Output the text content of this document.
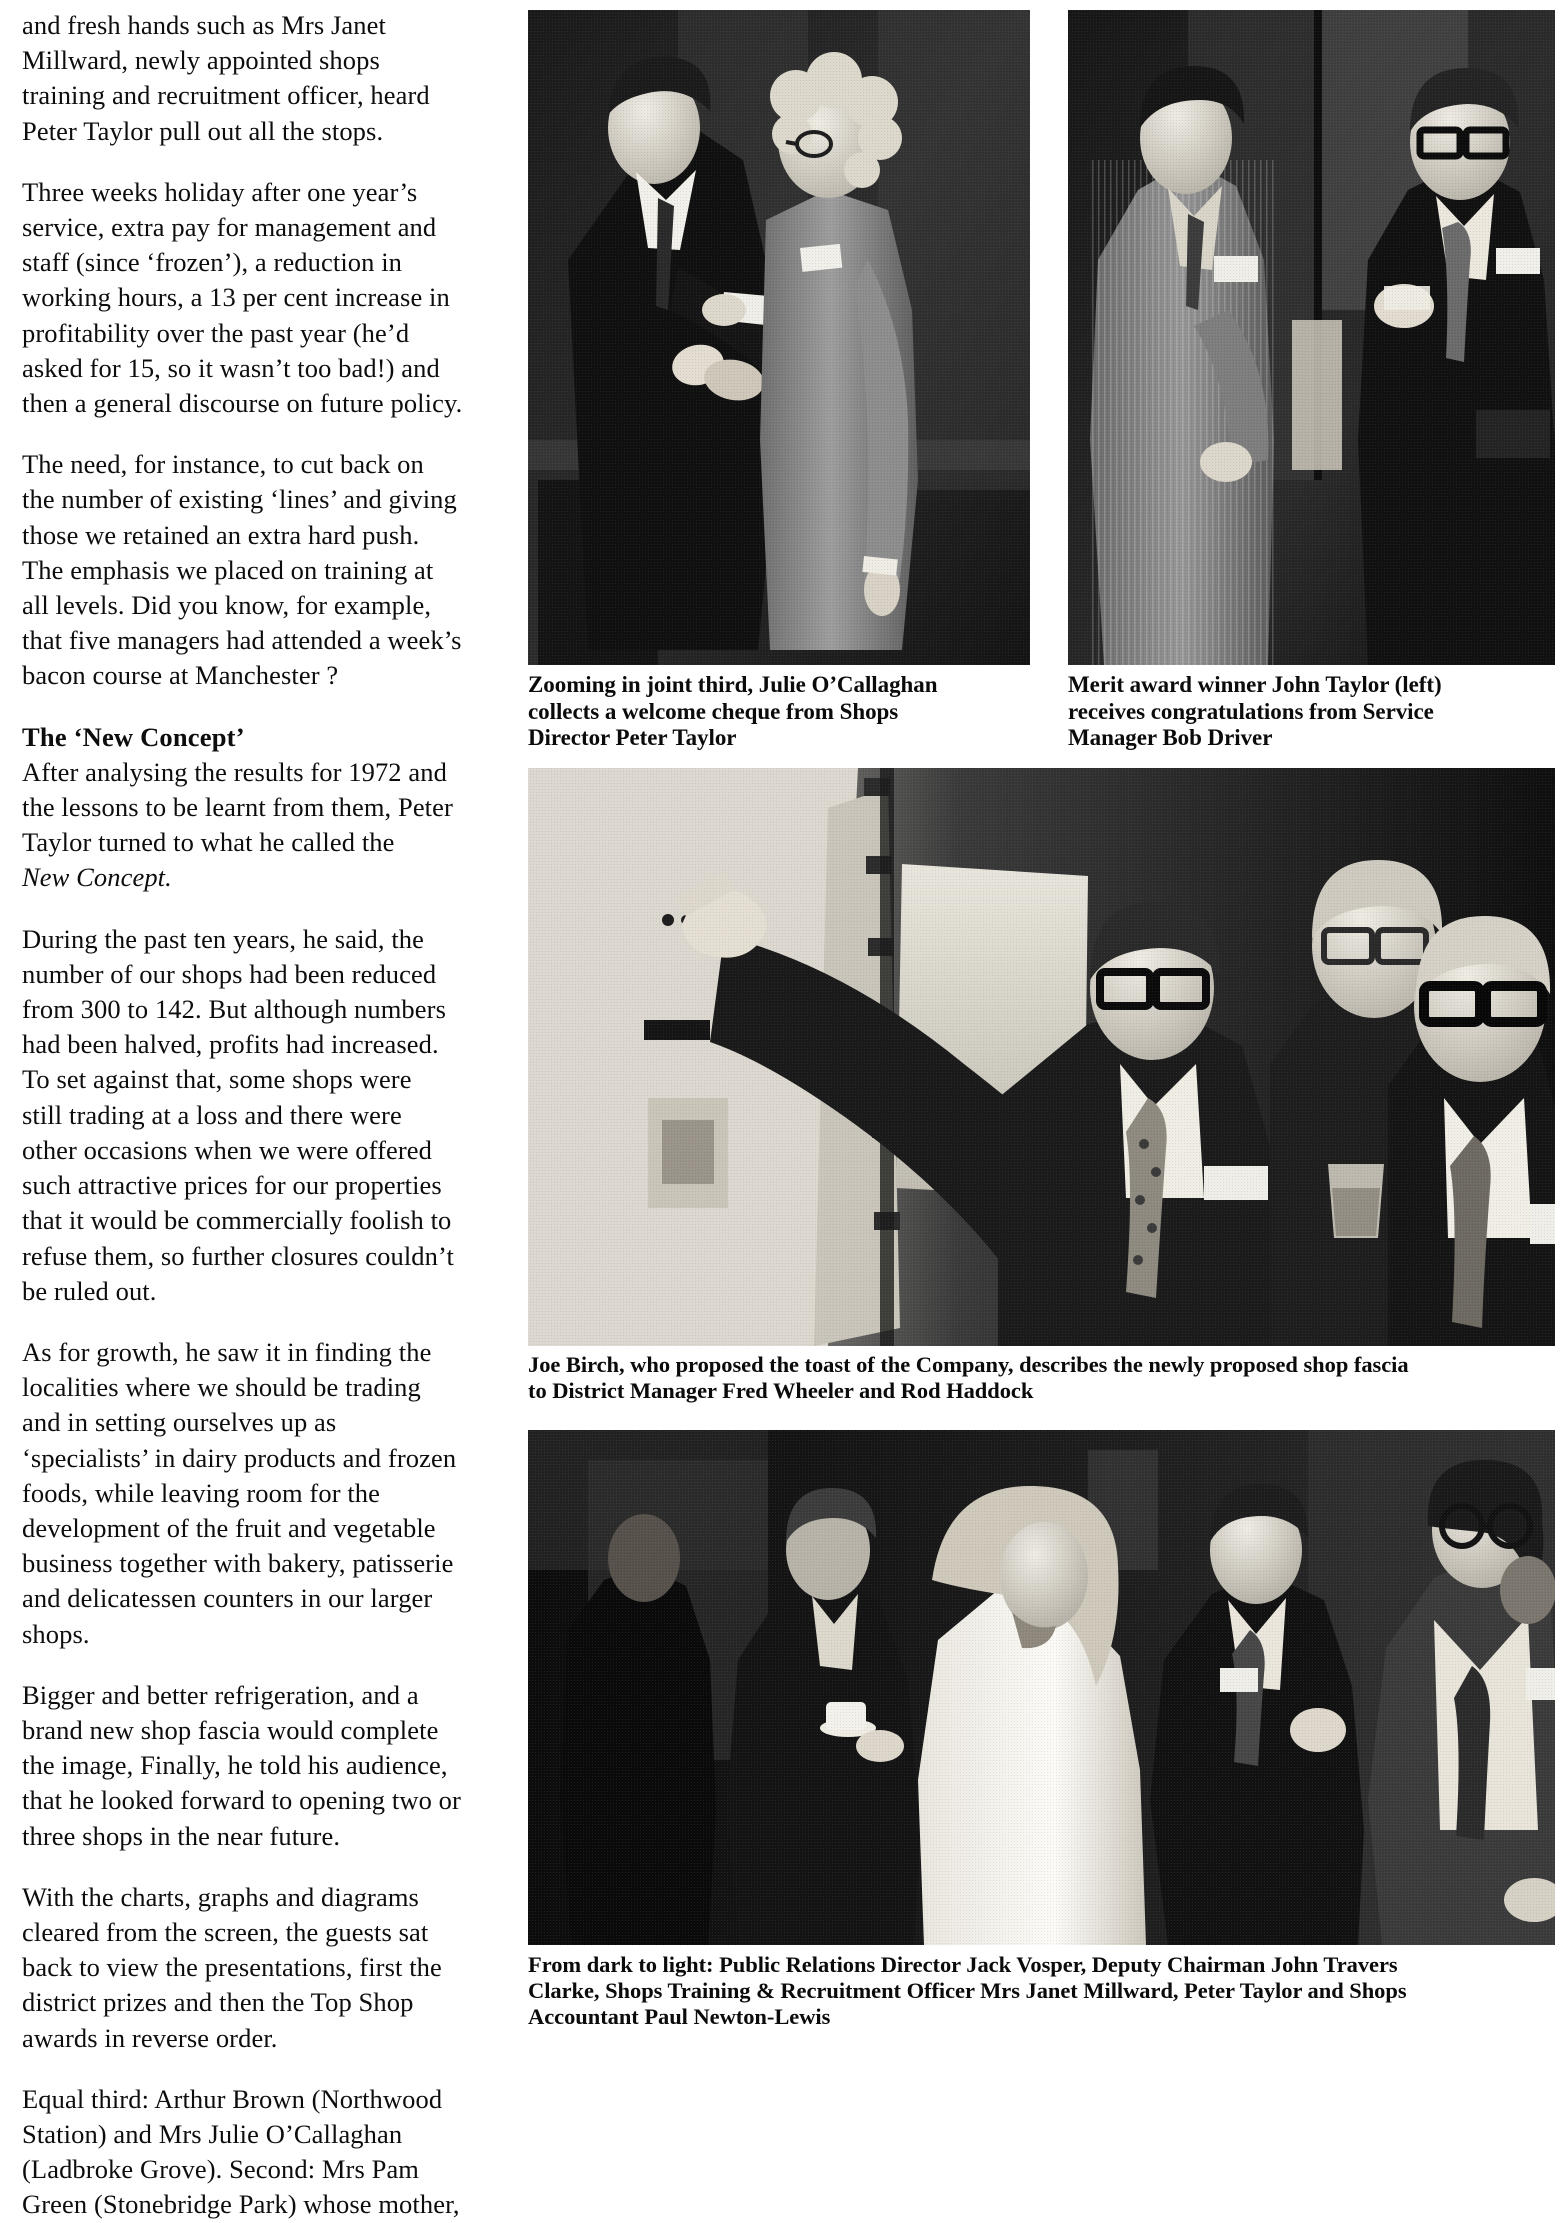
and fresh hands such as Mrs Janet
Millward, newly appointed shops
training and recruitment officer, heard
Peter Taylor pull out all the stops.

Three weeks holiday after one year’s
service, extra pay for management and
staff (since ‘frozen’), a reduction in
working hours, a 13 per cent increase in
profitability over the past year (he’d
asked for 15, so it wasn’t too bad!) and
then a general discourse on future policy.

The need, for instance, to cut back on
the number of existing ‘lines’ and giving
those we retained an extra hard push.
The emphasis we placed on training at
all levels. Did you know, for example,
that five managers had attended a week’s
bacon course at Manchester ?

The ‘New Concept’

After analysing the results for 1972 and
the lessons to be learnt from them, Peter
Taylor turned to what he called the
New Concept.

During the past ten years, he said, the
number of our shops had been reduced
from 300 to 142. But although numbers
had been halved, profits had increased.
To set against that, some shops were
still trading at a loss and there were
other occasions when we were offered
such attractive prices for our properties
that it would be commercially foolish to
refuse them, so further closures couldn’t
be ruled out.

As for growth, he saw it in finding the
localities where we should be trading
and in setting ourselves up as
‘specialists’ in dairy products and frozen
foods, while leaving room for the
development of the fruit and vegetable
business together with bakery, patisserie
and delicatessen counters in our larger
shops.

Bigger and better refrigeration, and a
brand new shop fascia would complete
the image, Finally, he told his audience,
that he looked forward to opening two or
three shops in the near future.

With the charts, graphs and diagrams
cleared from the screen, the guests sat
back to view the presentations, first the
district prizes and then the Top Shop
awards in reverse order.

Equal third: Arthur Brown (Northwood
Station) and Mrs Julie O’Callaghan
(Ladbroke Grove). Second: Mrs Pam
Green (Stonebridge Park) whose mother,

Zooming in joint third, Julie O’Callaghan
collects a welcome cheque from Shops
Director Peter Taylor
Merit award winner John Taylor (left)
receives congratulations from Service
Manager Bob Driver
Joe Birch, who proposed the toast of the Company, describes the newly proposed shop fascia
to District Manager Fred Wheeler and Rod Haddock
From dark to light: Public Relations Director Jack Vosper, Deputy Chairman John Travers
Clarke, Shops Training & Recruitment Officer Mrs Janet Millward, Peter Taylor and Shops
Accountant Paul Newton-Lewis
